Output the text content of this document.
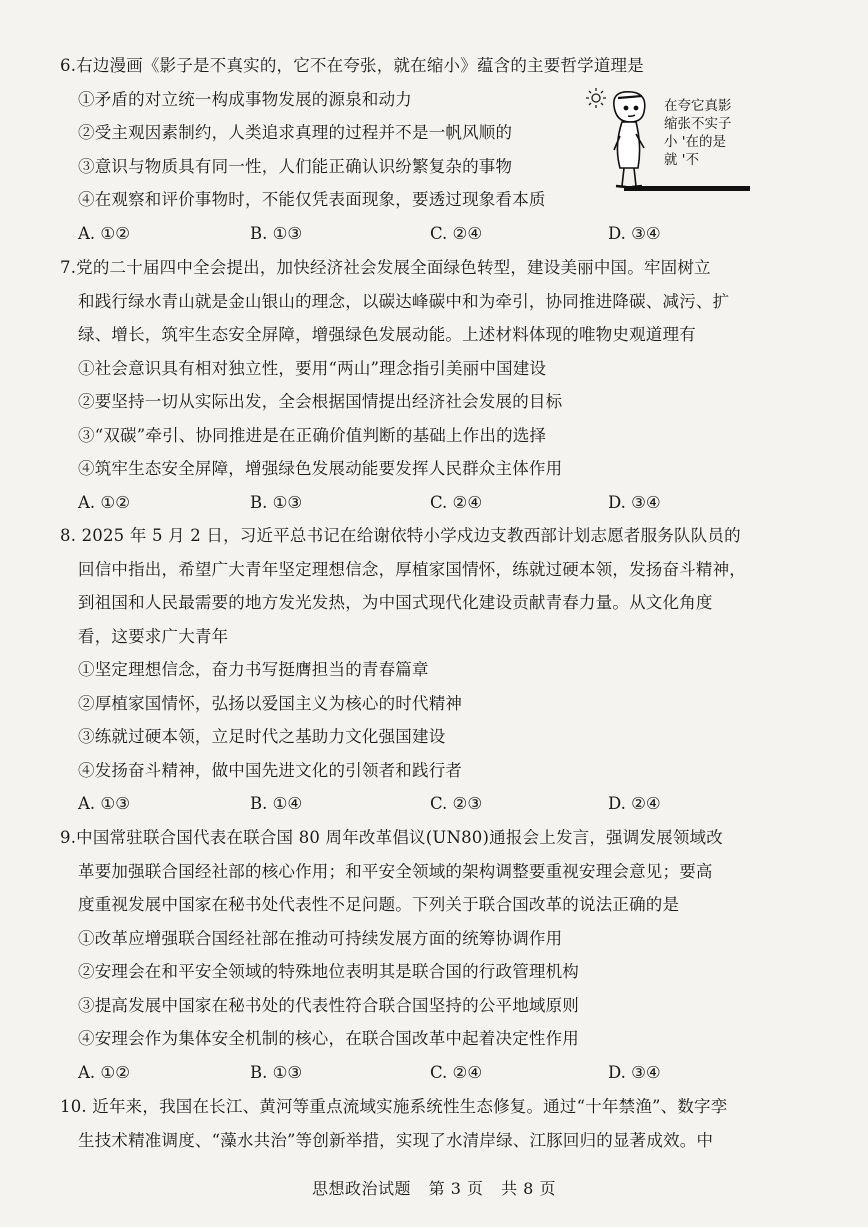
6.右边漫画《影子是不真实的，它不在夸张，就在缩小》蕴含的主要哲学道理是
①矛盾的对立统一构成事物发展的源泉和动力
②受主观因素制约，人类追求真理的过程并不是一帆风顺的
③意识与物质具有同一性，人们能正确认识纷繁复杂的事物
④在观察和评价事物时，不能仅凭表面现象，要透过现象看本质
A. ①②	B. ①③	C. ②④	D. ③④
在夸它真影
缩张不实子
小 '在的是
就 '不
7.党的二十届四中全会提出，加快经济社会发展全面绿色转型，建设美丽中国。牢固树立
和践行绿水青山就是金山银山的理念，以碳达峰碳中和为牵引，协同推进降碳、减污、扩
绿、增长，筑牢生态安全屏障，增强绿色发展动能。上述材料体现的唯物史观道理有
①社会意识具有相对独立性，要用“两山”理念指引美丽中国建设
②要坚持一切从实际出发，全会根据国情提出经济社会发展的目标
③“双碳”牵引、协同推进是在正确价值判断的基础上作出的选择
④筑牢生态安全屏障，增强绿色发展动能要发挥人民群众主体作用
A. ①②	B. ①③	C. ②④	D. ③④
8. 2025 年 5 月 2 日，习近平总书记在给谢依特小学戍边支教西部计划志愿者服务队队员的
回信中指出，希望广大青年坚定理想信念，厚植家国情怀，练就过硬本领，发扬奋斗精神，
到祖国和人民最需要的地方发光发热，为中国式现代化建设贡献青春力量。从文化角度
看，这要求广大青年
①坚定理想信念，奋力书写挺膺担当的青春篇章
②厚植家国情怀，弘扬以爱国主义为核心的时代精神
③练就过硬本领，立足时代之基助力文化强国建设
④发扬奋斗精神，做中国先进文化的引领者和践行者
A. ①③	B. ①④	C. ②③	D. ②④
9.中国常驻联合国代表在联合国 80 周年改革倡议(UN80)通报会上发言，强调发展领域改
革要加强联合国经社部的核心作用；和平安全领域的架构调整要重视安理会意见；要高
度重视发展中国家在秘书处代表性不足问题。下列关于联合国改革的说法正确的是
①改革应增强联合国经社部在推动可持续发展方面的统筹协调作用
②安理会在和平安全领域的特殊地位表明其是联合国的行政管理机构
③提高发展中国家在秘书处的代表性符合联合国坚持的公平地域原则
④安理会作为集体安全机制的核心，在联合国改革中起着决定性作用
A. ①②	B. ①③	C. ②④	D. ③④
10. 近年来，我国在长江、黄河等重点流域实施系统性生态修复。通过“十年禁渔”、数字孪
生技术精准调度、“藻水共治”等创新举措，实现了水清岸绿、江豚回归的显著成效。中
思想政治试题 第 3 页 共 8 页
